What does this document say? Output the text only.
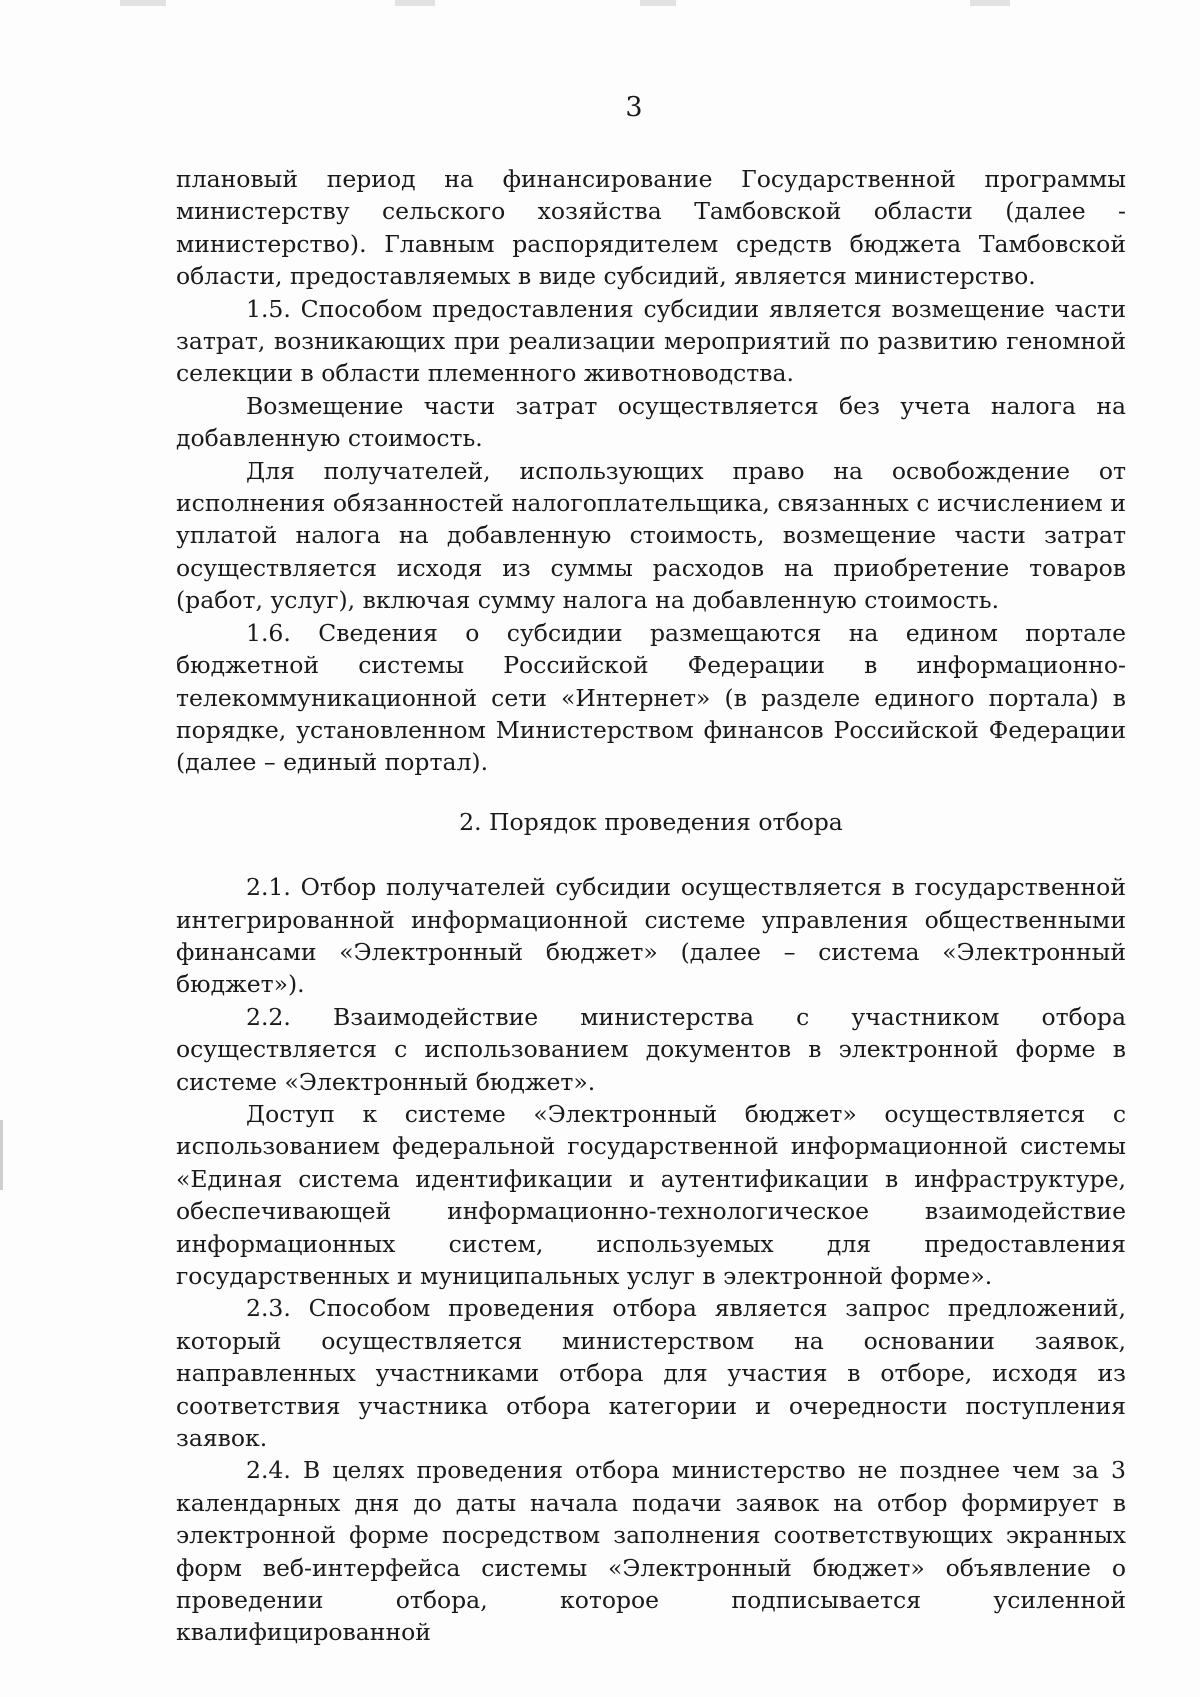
3

плановый период на финансирование Государственной программы министерству сельского хозяйства Тамбовской области (далее - министерство). Главным распорядителем средств бюджета Тамбовской области, предоставляемых в виде субсидий, является министерство.

1.5. Способом предоставления субсидии является возмещение части затрат, возникающих при реализации мероприятий по развитию геномной селекции в области племенного животноводства.

Возмещение части затрат осуществляется без учета налога на добавленную стоимость.

Для получателей, использующих право на освобождение от исполнения обязанностей налогоплательщика, связанных с исчислением и уплатой налога на добавленную стоимость, возмещение части затрат осуществляется исходя из суммы расходов на приобретение товаров (работ, услуг), включая сумму налога на добавленную стоимость.

1.6. Сведения о субсидии размещаются на едином портале бюджетной системы Российской Федерации в информационно-телекоммуникационной сети «Интернет» (в разделе единого портала) в порядке, установленном Министерством финансов Российской Федерации (далее – единый портал).

2. Порядок проведения отбора

2.1. Отбор получателей субсидии осуществляется в государственной интегрированной информационной системе управления общественными финансами «Электронный бюджет» (далее – система «Электронный бюджет»).

2.2. Взаимодействие министерства с участником отбора осуществляется с использованием документов в электронной форме в системе «Электронный бюджет».

Доступ к системе «Электронный бюджет» осуществляется с использованием федеральной государственной информационной системы «Единая система идентификации и аутентификации в инфраструктуре, обеспечивающей информационно-технологическое взаимодействие информационных систем, используемых для предоставления государственных и муниципальных услуг в электронной форме».

2.3. Способом проведения отбора является запрос предложений, который осуществляется министерством на основании заявок, направленных участниками отбора для участия в отборе, исходя из соответствия участника отбора категории и очередности поступления заявок.

2.4. В целях проведения отбора министерство не позднее чем за 3 календарных дня до даты начала подачи заявок на отбор формирует в электронной форме посредством заполнения соответствующих экранных форм веб-интерфейса системы «Электронный бюджет» объявление о проведении отбора, которое подписывается усиленной квалифицированной
